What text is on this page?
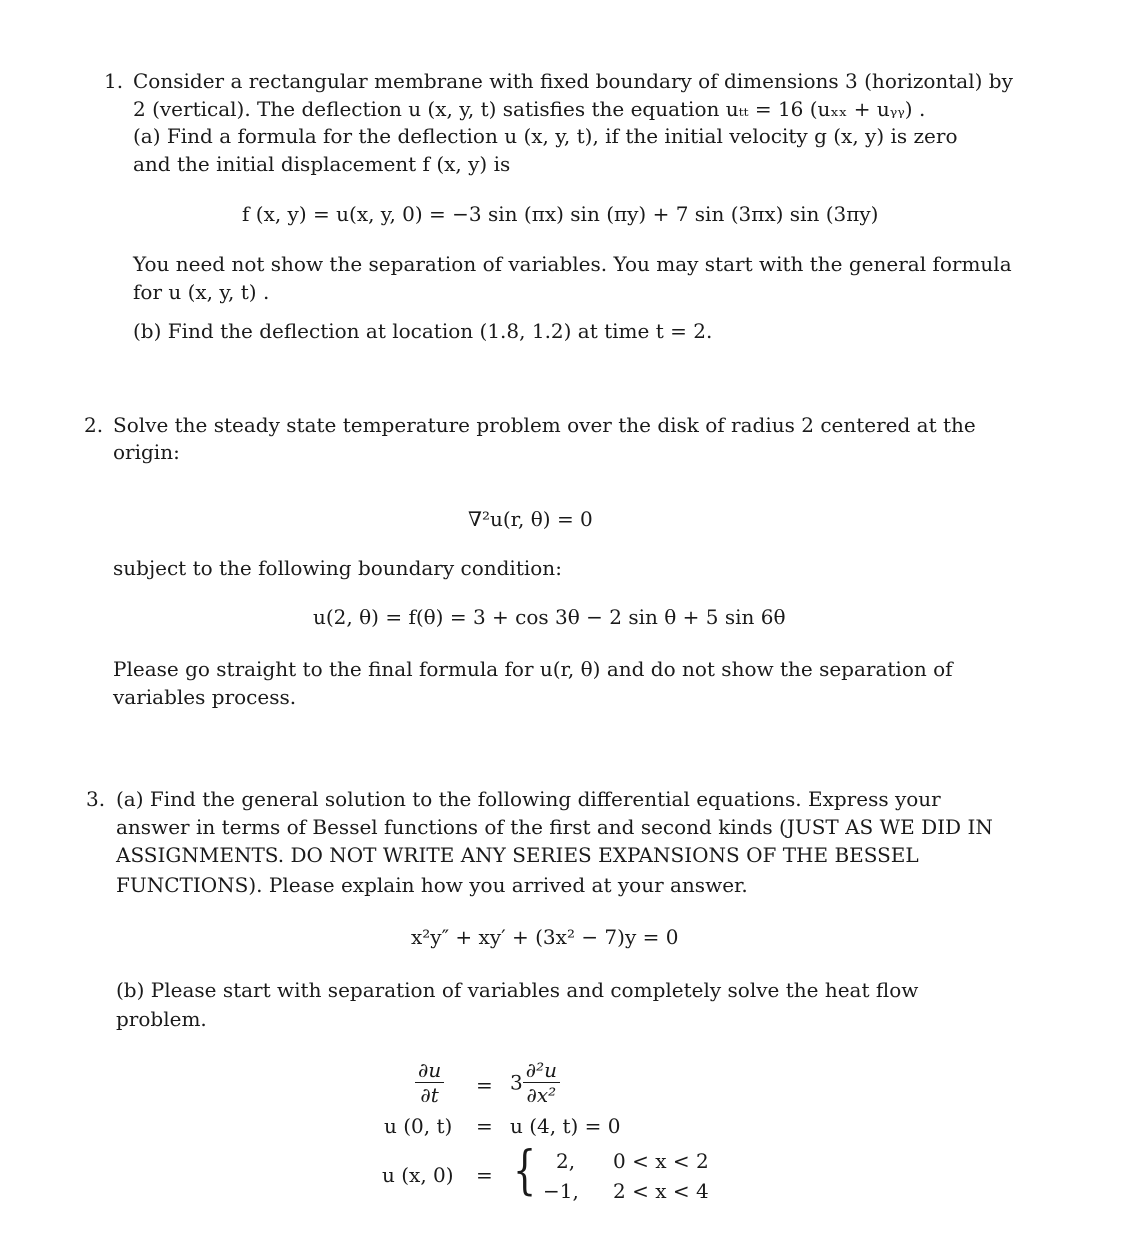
1. Consider a rectangular membrane with fixed boundary of dimensions 3 (horizontal) by
2 (vertical). The deflection u (x, y, t) satisfies the equation uₜₜ = 16 (uₓₓ + uᵧᵧ) .
(a) Find a formula for the deflection u (x, y, t), if the initial velocity g (x, y) is zero
and the initial displacement f (x, y) is
f (x, y) = u(x, y, 0) = −3 sin (πx) sin (πy) + 7 sin (3πx) sin (3πy)
You need not show the separation of variables. You may start with the general formula
for u (x, y, t) .
(b) Find the deflection at location (1.8, 1.2) at time t = 2.
2. Solve the steady state temperature problem over the disk of radius 2 centered at the
origin:
∇²u(r, θ) = 0
subject to the following boundary condition:
u(2, θ) = f(θ) = 3 + cos 3θ − 2 sin θ + 5 sin 6θ
Please go straight to the final formula for u(r, θ) and do not show the separation of
variables process.
3. (a) Find the general solution to the following differential equations. Express your
answer in terms of Bessel functions of the first and second kinds (JUST AS WE DID IN
ASSIGNMENTS. DO NOT WRITE ANY SERIES EXPANSIONS OF THE BESSEL
FUNCTIONS). Please explain how you arrived at your answer.
x²y″ + xy′ + (3x² − 7)y = 0
(b) Please start with separation of variables and completely solve the heat flow
problem.
$\frac{\partial u}{\partial t} = 3 \frac{\text{∂²u}}{\text{∂x²}}$
u (0, t) = u (4, t) = 0
u (x, 0) = { 2, 0 < x < 2
−1, 2 < x < 4
